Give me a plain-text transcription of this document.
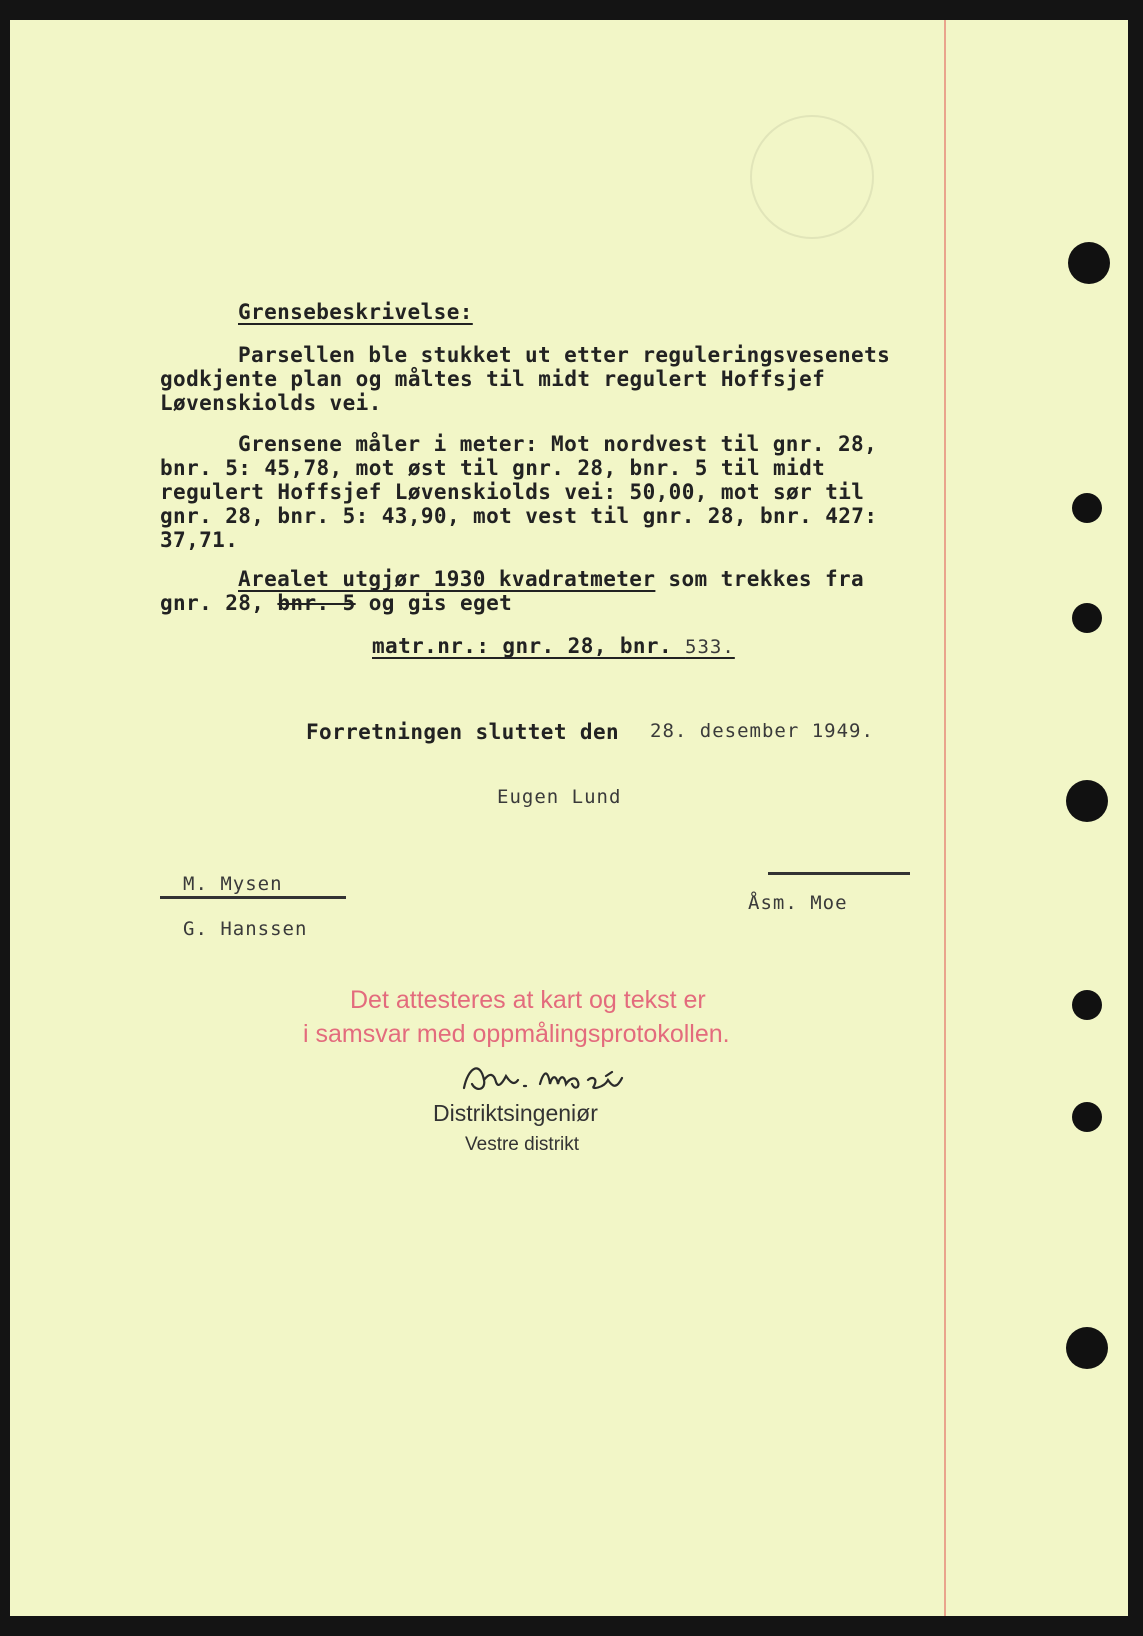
Grensebeskrivelse:
Parsellen ble stukket ut etter reguleringsvesenets
godkjente plan og måltes til midt regulert Hoffsjef
Løvenskiolds vei.
Grensene måler i meter: Mot nordvest til gnr. 28,
bnr. 5: 45,78, mot øst til gnr. 28, bnr. 5 til midt
regulert Hoffsjef Løvenskiolds vei: 50,00, mot sør til
gnr. 28, bnr. 5: 43,90, mot vest til gnr. 28, bnr. 427:
37,71.
Arealet utgjør 1930 kvadratmeter som trekkes fra
gnr. 28, bnr. 5 og gis eget
matr.nr.: gnr. 28, bnr. 533.
Forretningen sluttet den 28. desember 1949.
Eugen Lund
M. Mysen
Åsm. Moe
G. Hanssen
Det attesteres at kart og tekst er
i samsvar med oppmålingsprotokollen.
Distriktsingeniør
Vestre distrikt
